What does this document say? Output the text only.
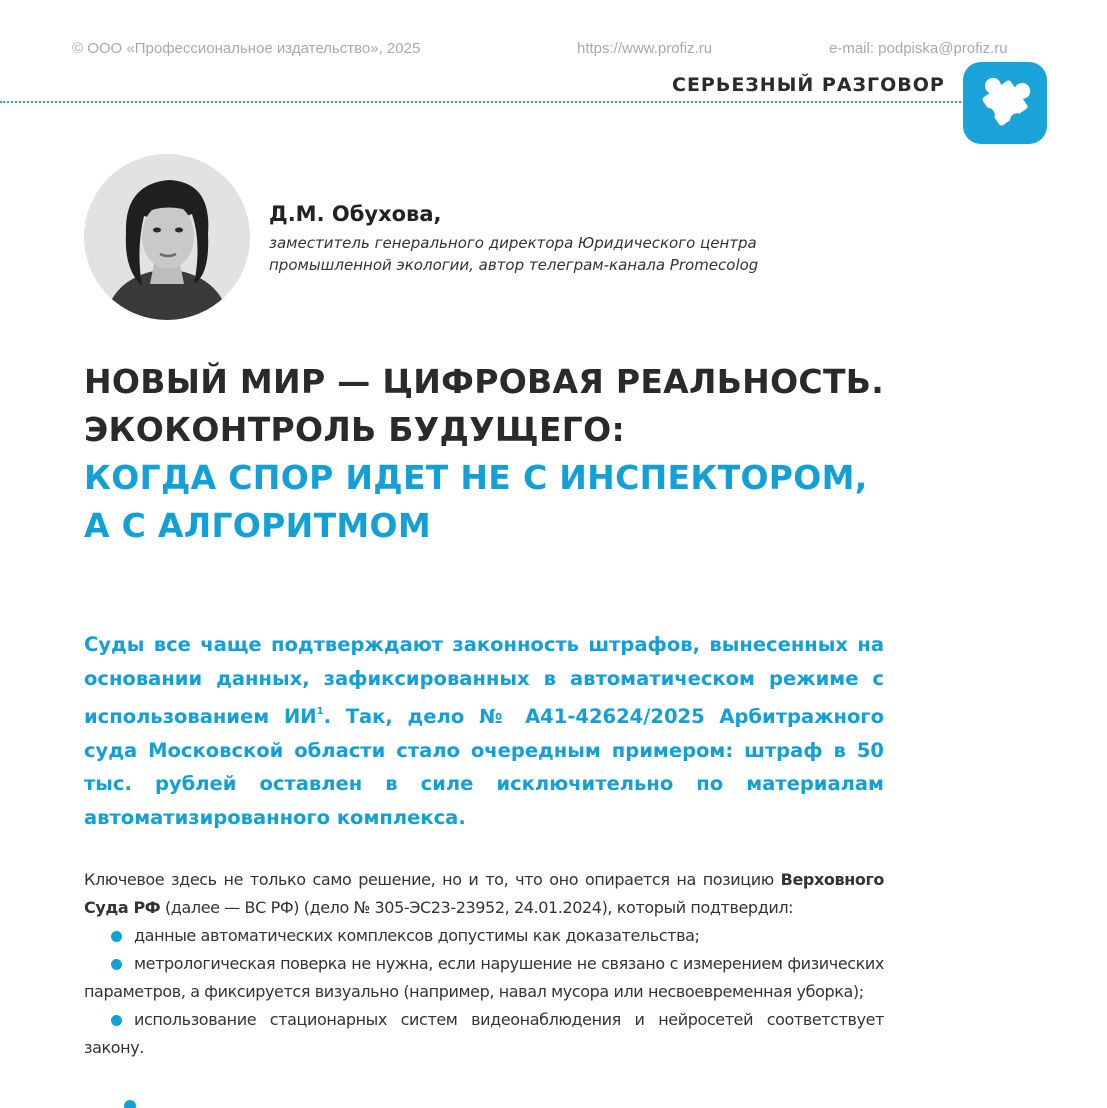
© ООО «Профессиональное издательство», 2025	https://www.profiz.ru	e-mail: podpiska@profiz.ru
СЕРЬЕЗНЫЙ РАЗГОВОР
Д.М. Обухова,
заместитель генерального директора Юридического центра промышленной экологии, автор телеграм-канала Promecolog
НОВЫЙ МИР — ЦИФРОВАЯ РЕАЛЬНОСТЬ.
ЭКОКОНТРОЛЬ БУДУЩЕГО:
КОГДА СПОР ИДЕТ НЕ С ИНСПЕКТОРОМ,
А С АЛГОРИТМОМ
Суды все чаще подтверждают законность штрафов, вынесенных на основании данных, зафиксированных в автоматическом режиме с использованием $ИИ^1$. Так, дело № А41-42624/2025 Арбитражного суда Московской области стало очередным примером: штраф в 50 тыс. рублей оставлен в силе исключительно по материалам автоматизированного комплекса.

Ключевое здесь не только само решение, но и то, что оно опирается на позицию Верховного Суда РФ (далее — ВС РФ) (дело № 305-ЭС23-23952, 24.01.2024), который подтвердил:

данные автоматических комплексов допустимы как доказательства;
метрологическая поверка не нужна, если нарушение не связано с измерением физических параметров, а фиксируется визуально (например, навал мусора или несвоевременная уборка);
использование стационарных систем видеонаблюдения и нейросетей соответствует закону.
